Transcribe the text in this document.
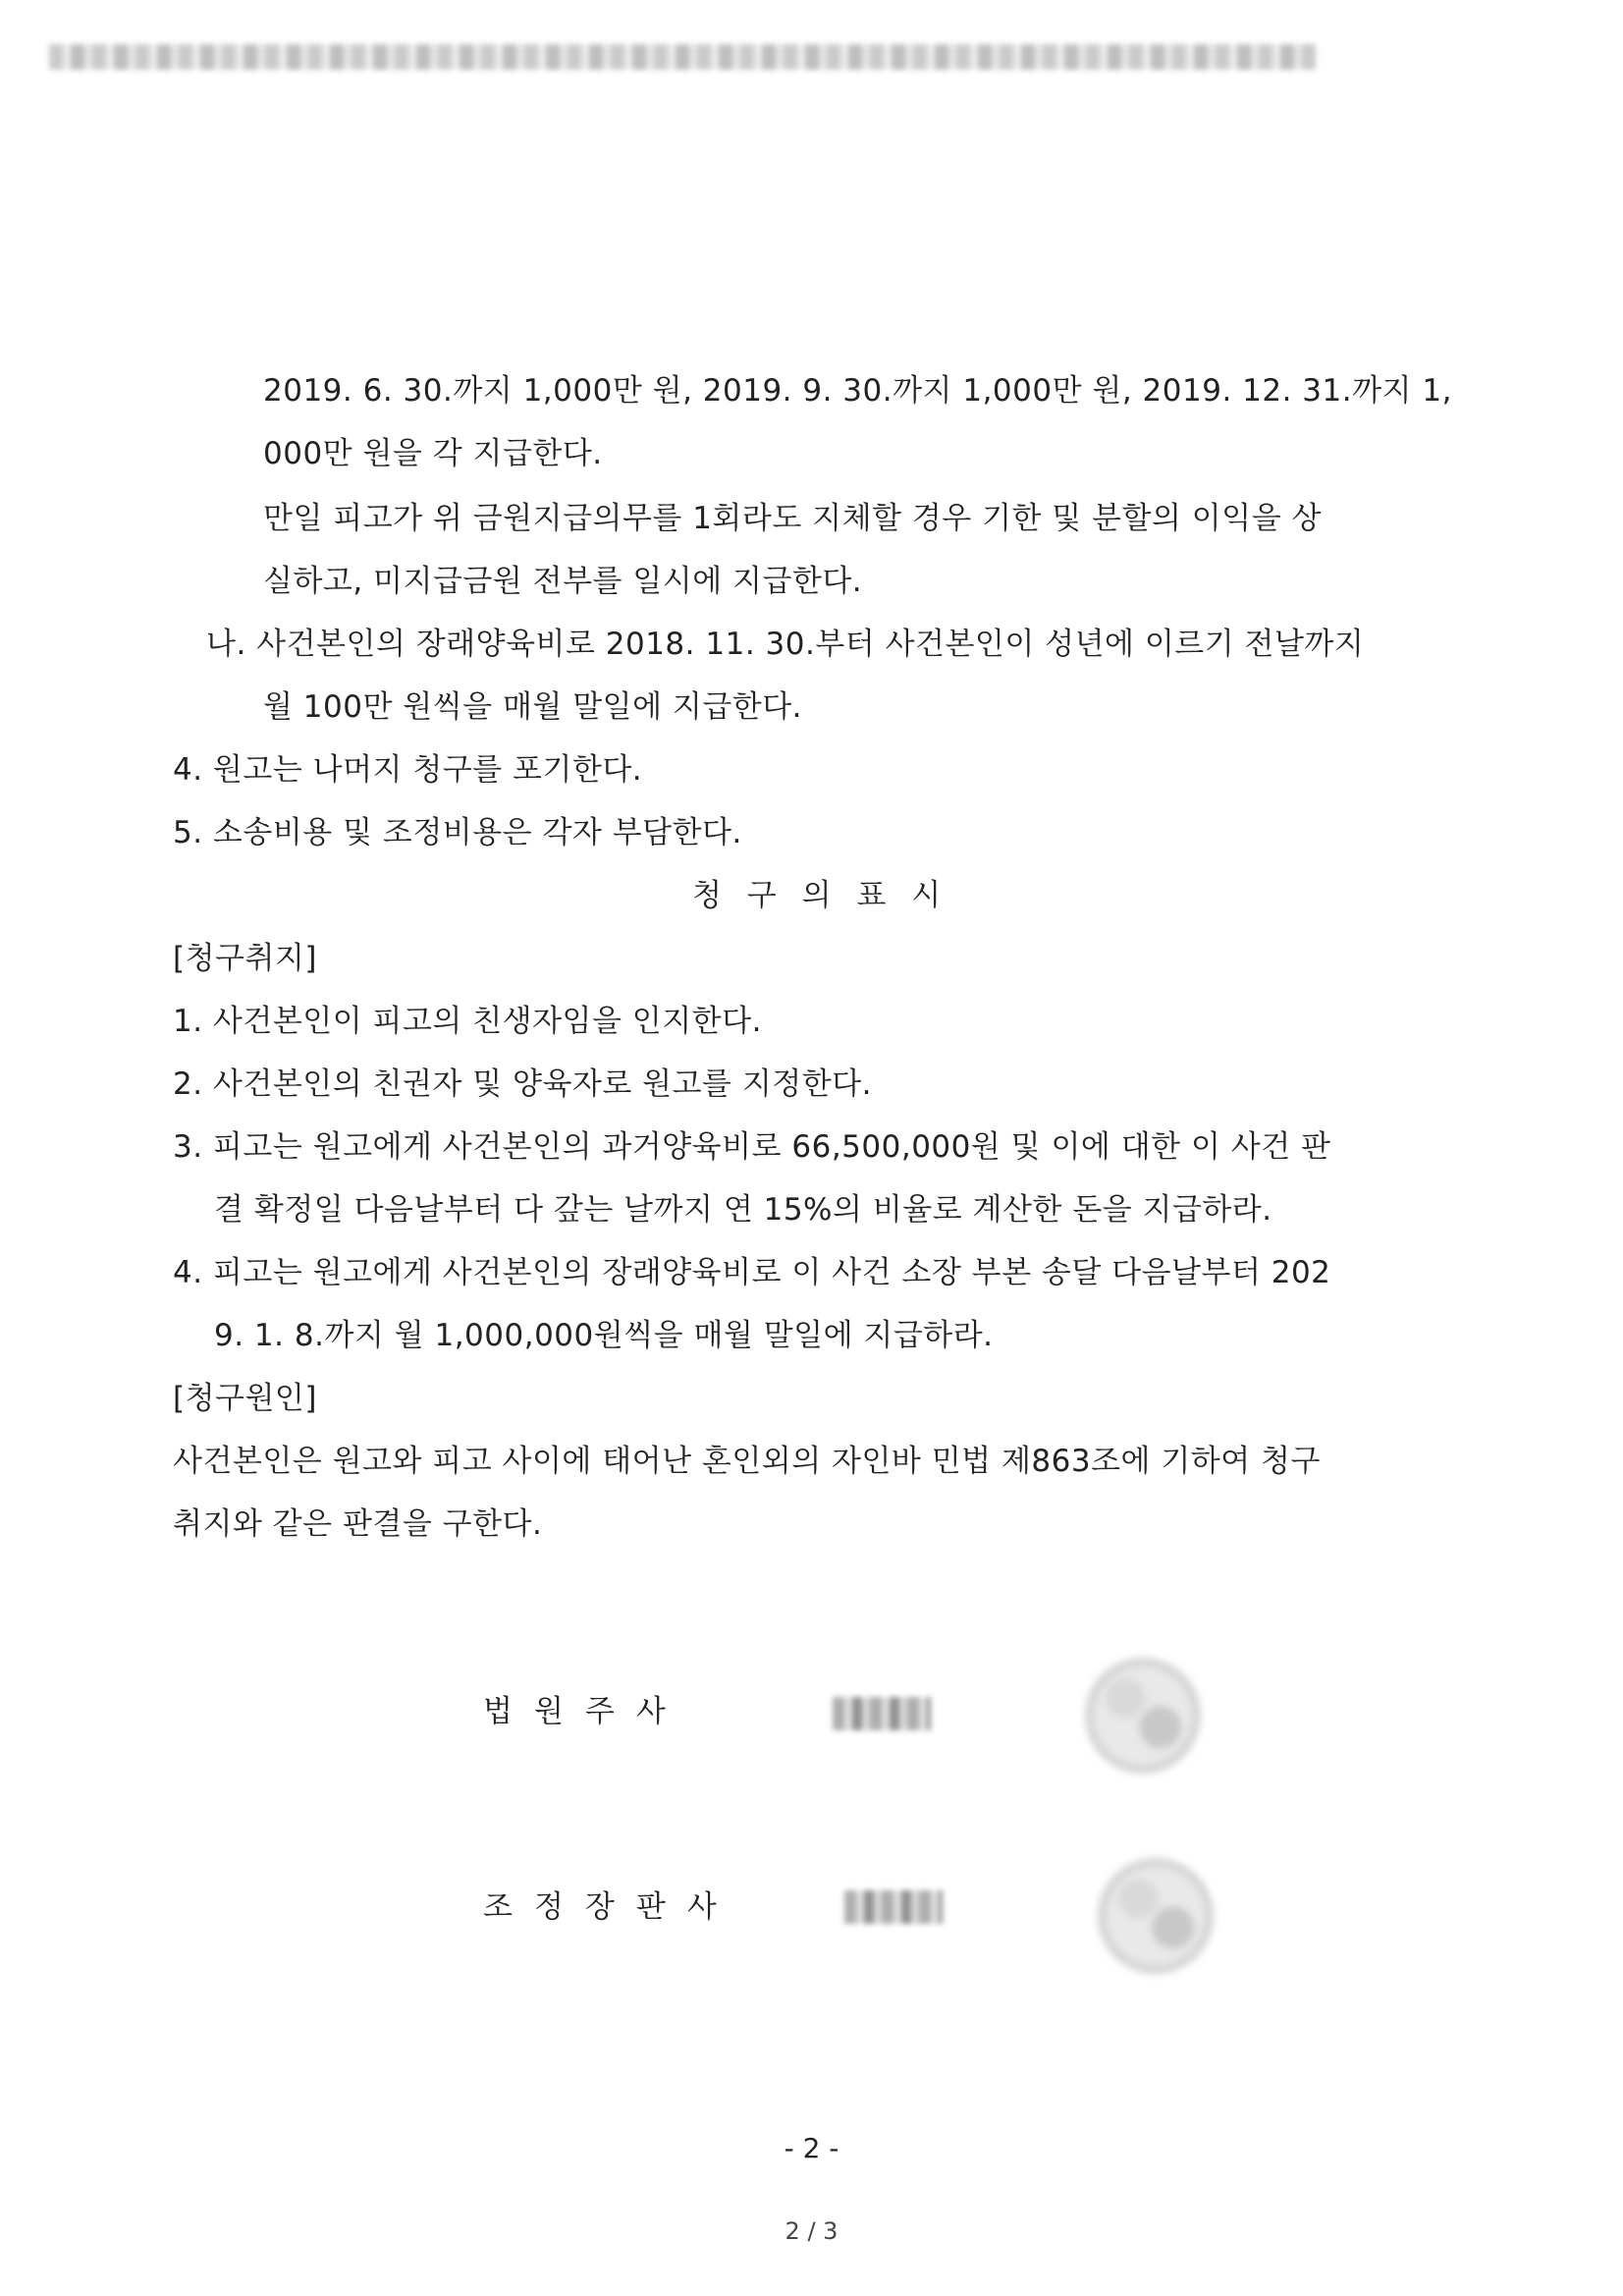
2019. 6. 30.까지 1,000만 원, 2019. 9. 30.까지 1,000만 원, 2019. 12. 31.까지 1,
000만 원을 각 지급한다.
만일 피고가 위 금원지급의무를 1회라도 지체할 경우 기한 및 분할의 이익을 상
실하고, 미지급금원 전부를 일시에 지급한다.
나. 사건본인의 장래양육비로 2018. 11. 30.부터 사건본인이 성년에 이르기 전날까지
월 100만 원씩을 매월 말일에 지급한다.
4. 원고는 나머지 청구를 포기한다.
5. 소송비용 및 조정비용은 각자 부담한다.
청 구 의 표 시
[청구취지]
1. 사건본인이 피고의 친생자임을 인지한다.
2. 사건본인의 친권자 및 양육자로 원고를 지정한다.
3. 피고는 원고에게 사건본인의 과거양육비로 66,500,000원 및 이에 대한 이 사건 판
결 확정일 다음날부터 다 갚는 날까지 연 15%의 비율로 계산한 돈을 지급하라.
4. 피고는 원고에게 사건본인의 장래양육비로 이 사건 소장 부본 송달 다음날부터 202
9. 1. 8.까지 월 1,000,000원씩을 매월 말일에 지급하라.
[청구원인]
사건본인은 원고와 피고 사이에 태어난 혼인외의 자인바 민법 제863조에 기하여 청구
취지와 같은 판결을 구한다.
법원주사
조정장판사
- 2 -
2 / 3
